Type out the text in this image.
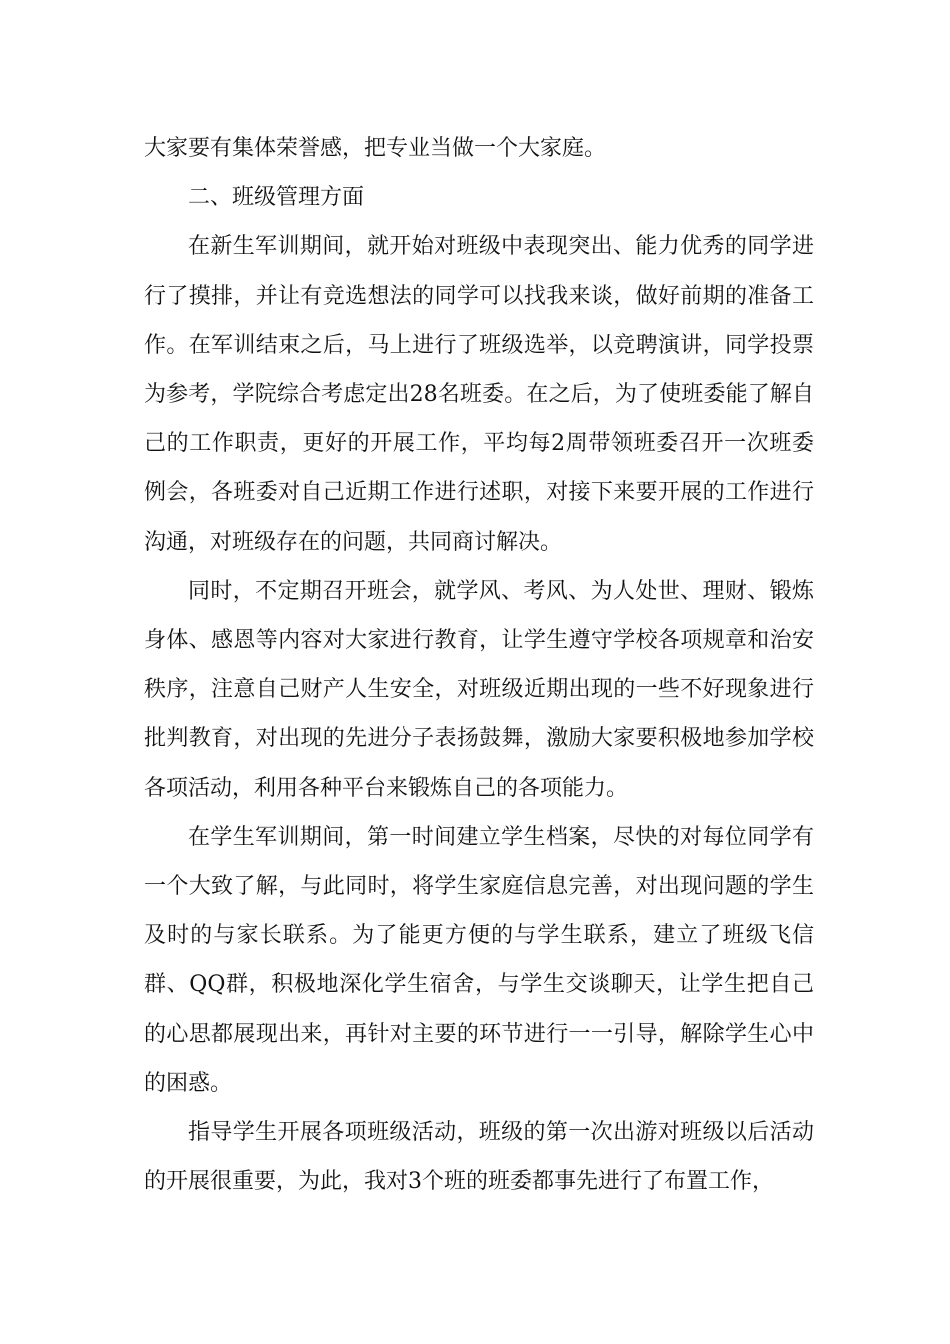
大家要有集体荣誉感，把专业当做一个大家庭。

二、班级管理方面

在新生军训期间，就开始对班级中表现突出、能力优秀的同学进行了摸排，并让有竞选想法的同学可以找我来谈，做好前期的准备工作。在军训结束之后，马上进行了班级选举，以竞聘演讲，同学投票为参考，学院综合考虑定出28名班委。在之后，为了使班委能了解自己的工作职责，更好的开展工作，平均每2周带领班委召开一次班委例会，各班委对自己近期工作进行述职，对接下来要开展的工作进行沟通，对班级存在的问题，共同商讨解决。

同时，不定期召开班会，就学风、考风、为人处世、理财、锻炼身体、感恩等内容对大家进行教育，让学生遵守学校各项规章和治安秩序，注意自己财产人生安全，对班级近期出现的一些不好现象进行批判教育，对出现的先进分子表扬鼓舞，激励大家要积极地参加学校各项活动，利用各种平台来锻炼自己的各项能力。

在学生军训期间，第一时间建立学生档案，尽快的对每位同学有一个大致了解，与此同时，将学生家庭信息完善，对出现问题的学生及时的与家长联系。为了能更方便的与学生联系，建立了班级飞信群、QQ群，积极地深化学生宿舍，与学生交谈聊天，让学生把自己的心思都展现出来，再针对主要的环节进行一一引导，解除学生心中的困惑。

指导学生开展各项班级活动，班级的第一次出游对班级以后活动的开展很重要，为此，我对3个班的班委都事先进行了布置工作，
